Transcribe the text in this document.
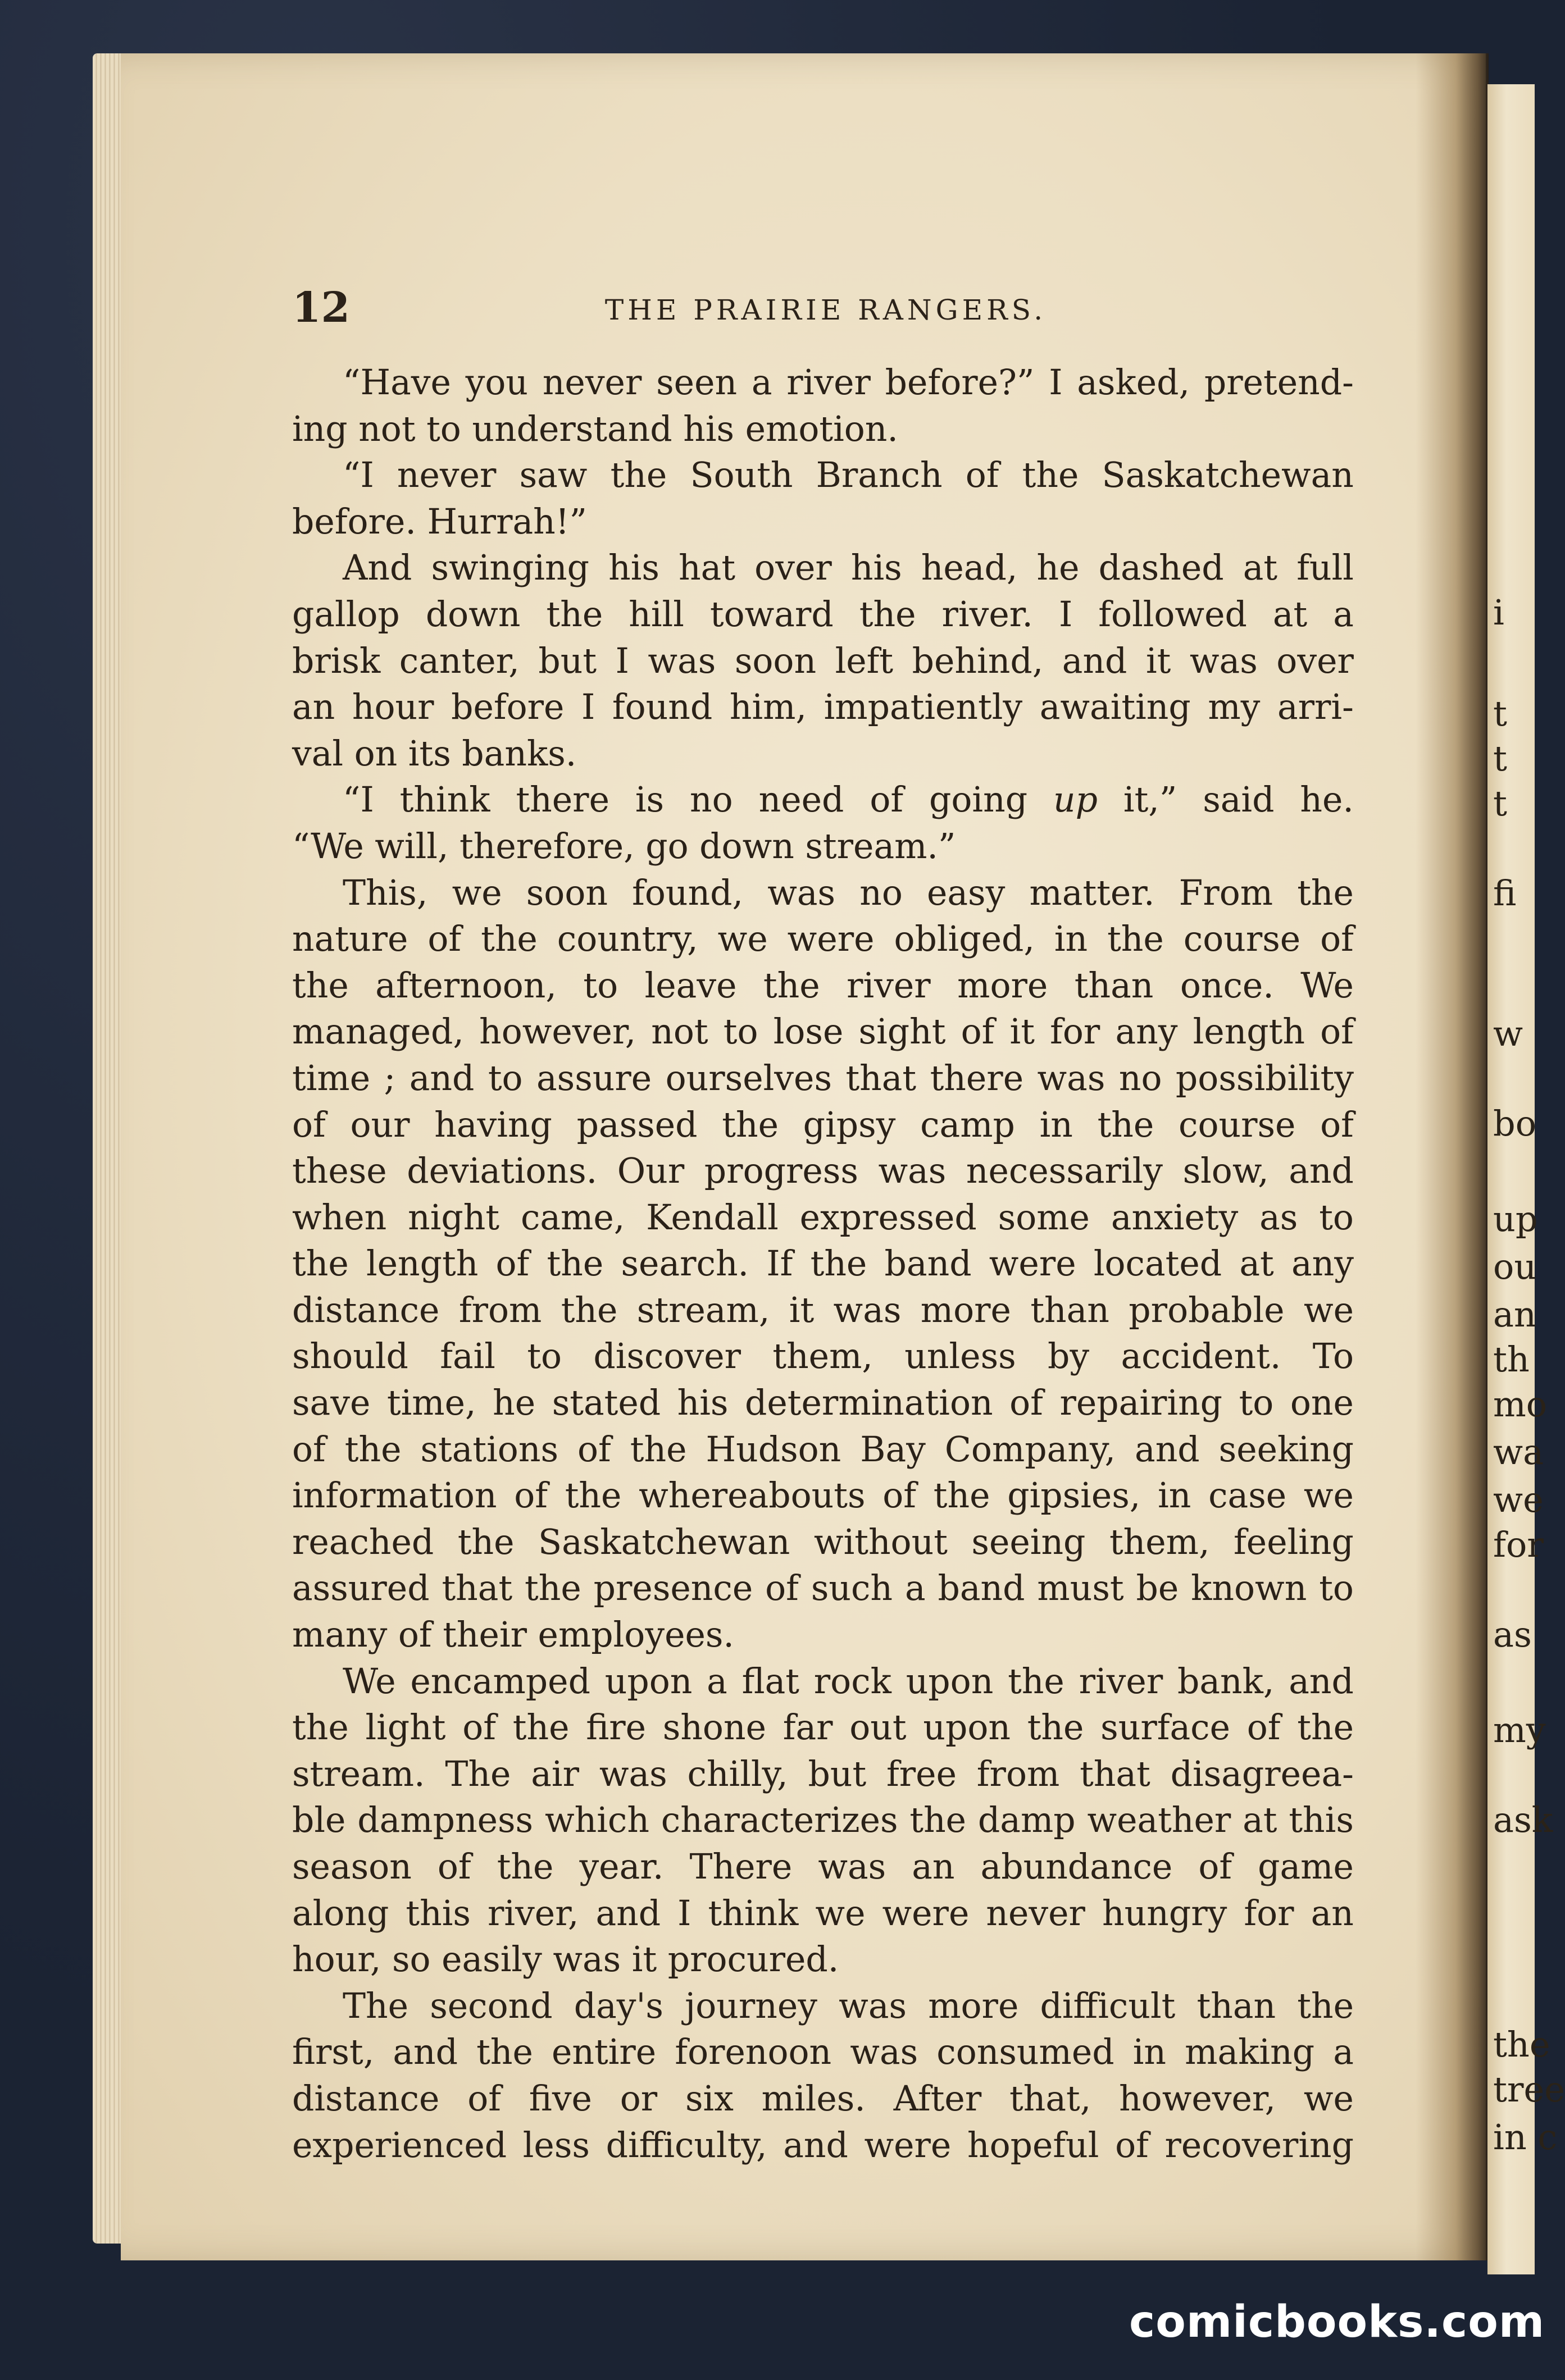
i
t
t
t
fi
w
bo
up
ou
an
th
mo
wa
we
for
as
my
ask
the
tree
in c
12	THE PRAIRIE RANGERS.
“Have you never seen a river before?” I asked, pretend-
ing not to understand his emotion.
“I never saw the South Branch of the Saskatchewan
before. Hurrah!”
And swinging his hat over his head, he dashed at full
gallop down the hill toward the river. I followed at a
brisk canter, but I was soon left behind, and it was over
an hour before I found him, impatiently awaiting my arri-
val on its banks.
“I think there is no need of going up it,” said he.
“We will, therefore, go down stream.”
This, we soon found, was no easy matter. From the
nature of the country, we were obliged, in the course of
the afternoon, to leave the river more than once. We
managed, however, not to lose sight of it for any length of
time ; and to assure ourselves that there was no possibility
of our having passed the gipsy camp in the course of
these deviations. Our progress was necessarily slow, and
when night came, Kendall expressed some anxiety as to
the length of the search. If the band were located at any
distance from the stream, it was more than probable we
should fail to discover them, unless by accident. To
save time, he stated his determination of repairing to one
of the stations of the Hudson Bay Company, and seeking
information of the whereabouts of the gipsies, in case we
reached the Saskatchewan without seeing them, feeling
assured that the presence of such a band must be known to
many of their employees.
We encamped upon a flat rock upon the river bank, and
the light of the fire shone far out upon the surface of the
stream. The air was chilly, but free from that disagreea-
ble dampness which characterizes the damp weather at this
season of the year. There was an abundance of game
along this river, and I think we were never hungry for an
hour, so easily was it procured.
The second day's journey was more difficult than the
first, and the entire forenoon was consumed in making a
distance of five or six miles. After that, however, we
experienced less difficulty, and were hopeful of recovering
comicbooks.com
